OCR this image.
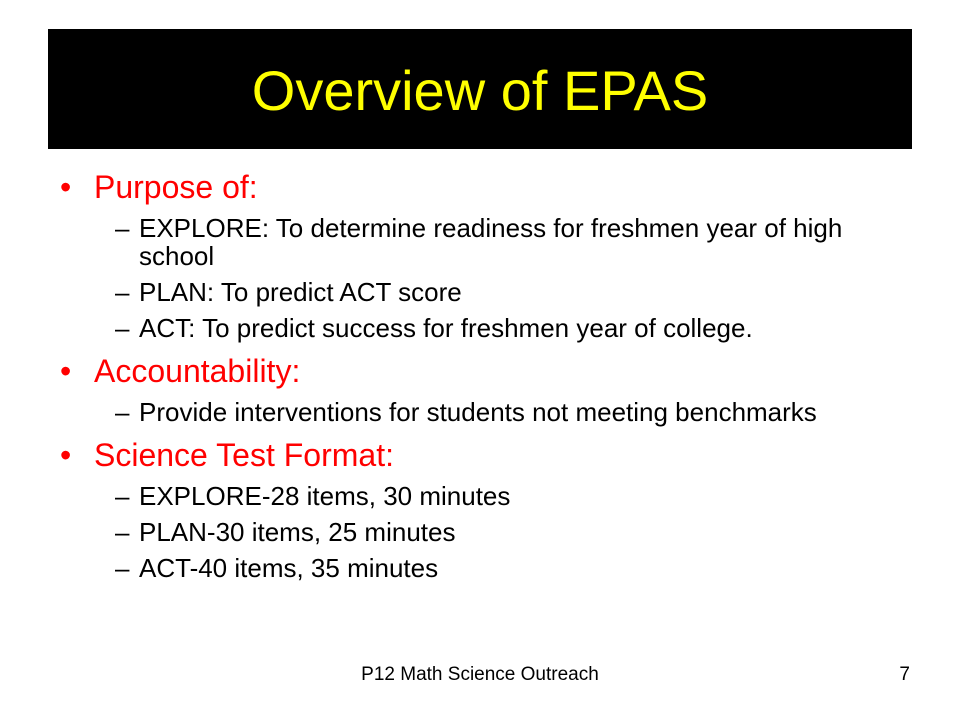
Overview of EPAS

• Purpose of:

– EXPLORE: To determine readiness for freshmen year of high school

– PLAN: To predict ACT score

– ACT: To predict success for freshmen year of college.

• Accountability:

– Provide interventions for students not meeting benchmarks

• Science Test Format:

– EXPLORE-28 items, 30 minutes

– PLAN-30 items, 25 minutes

– ACT-40 items, 35 minutes

P12 Math Science Outreach	7
